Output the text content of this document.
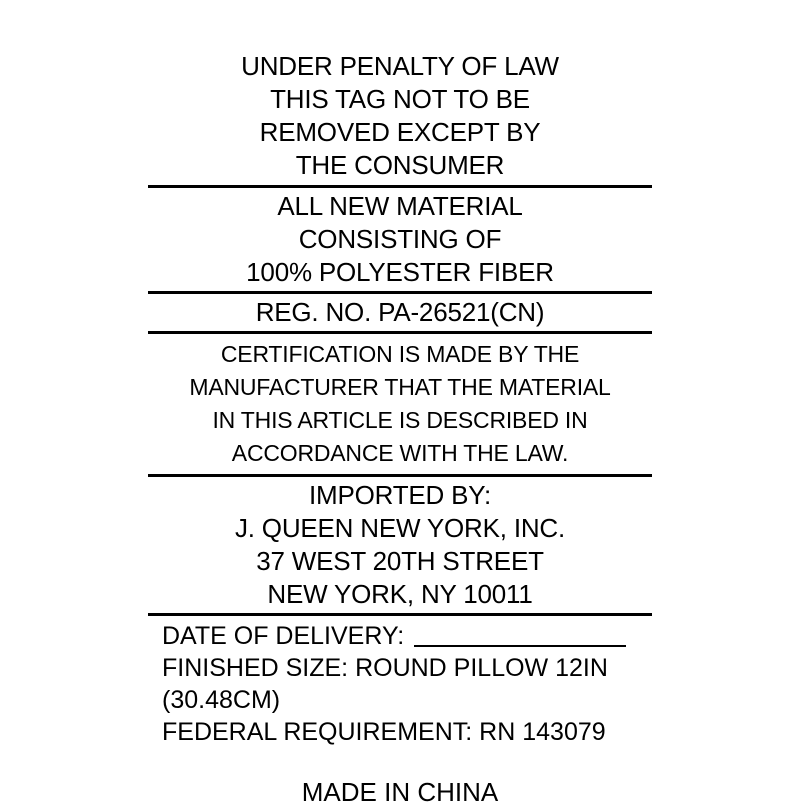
UNDER PENALTY OF LAW
THIS TAG NOT TO BE
REMOVED EXCEPT BY
THE CONSUMER
ALL NEW MATERIAL
CONSISTING OF
100% POLYESTER FIBER
REG. NO. PA-26521(CN)
CERTIFICATION IS MADE BY THE
MANUFACTURER THAT THE MATERIAL
IN THIS ARTICLE IS DESCRIBED IN
ACCORDANCE WITH THE LAW.
IMPORTED BY:
J. QUEEN NEW YORK, INC.
37 WEST 20TH STREET
NEW YORK, NY 10011
DATE OF DELIVERY:
FINISHED SIZE: ROUND PILLOW 12IN
(30.48CM)
FEDERAL REQUIREMENT: RN 143079
MADE IN CHINA
